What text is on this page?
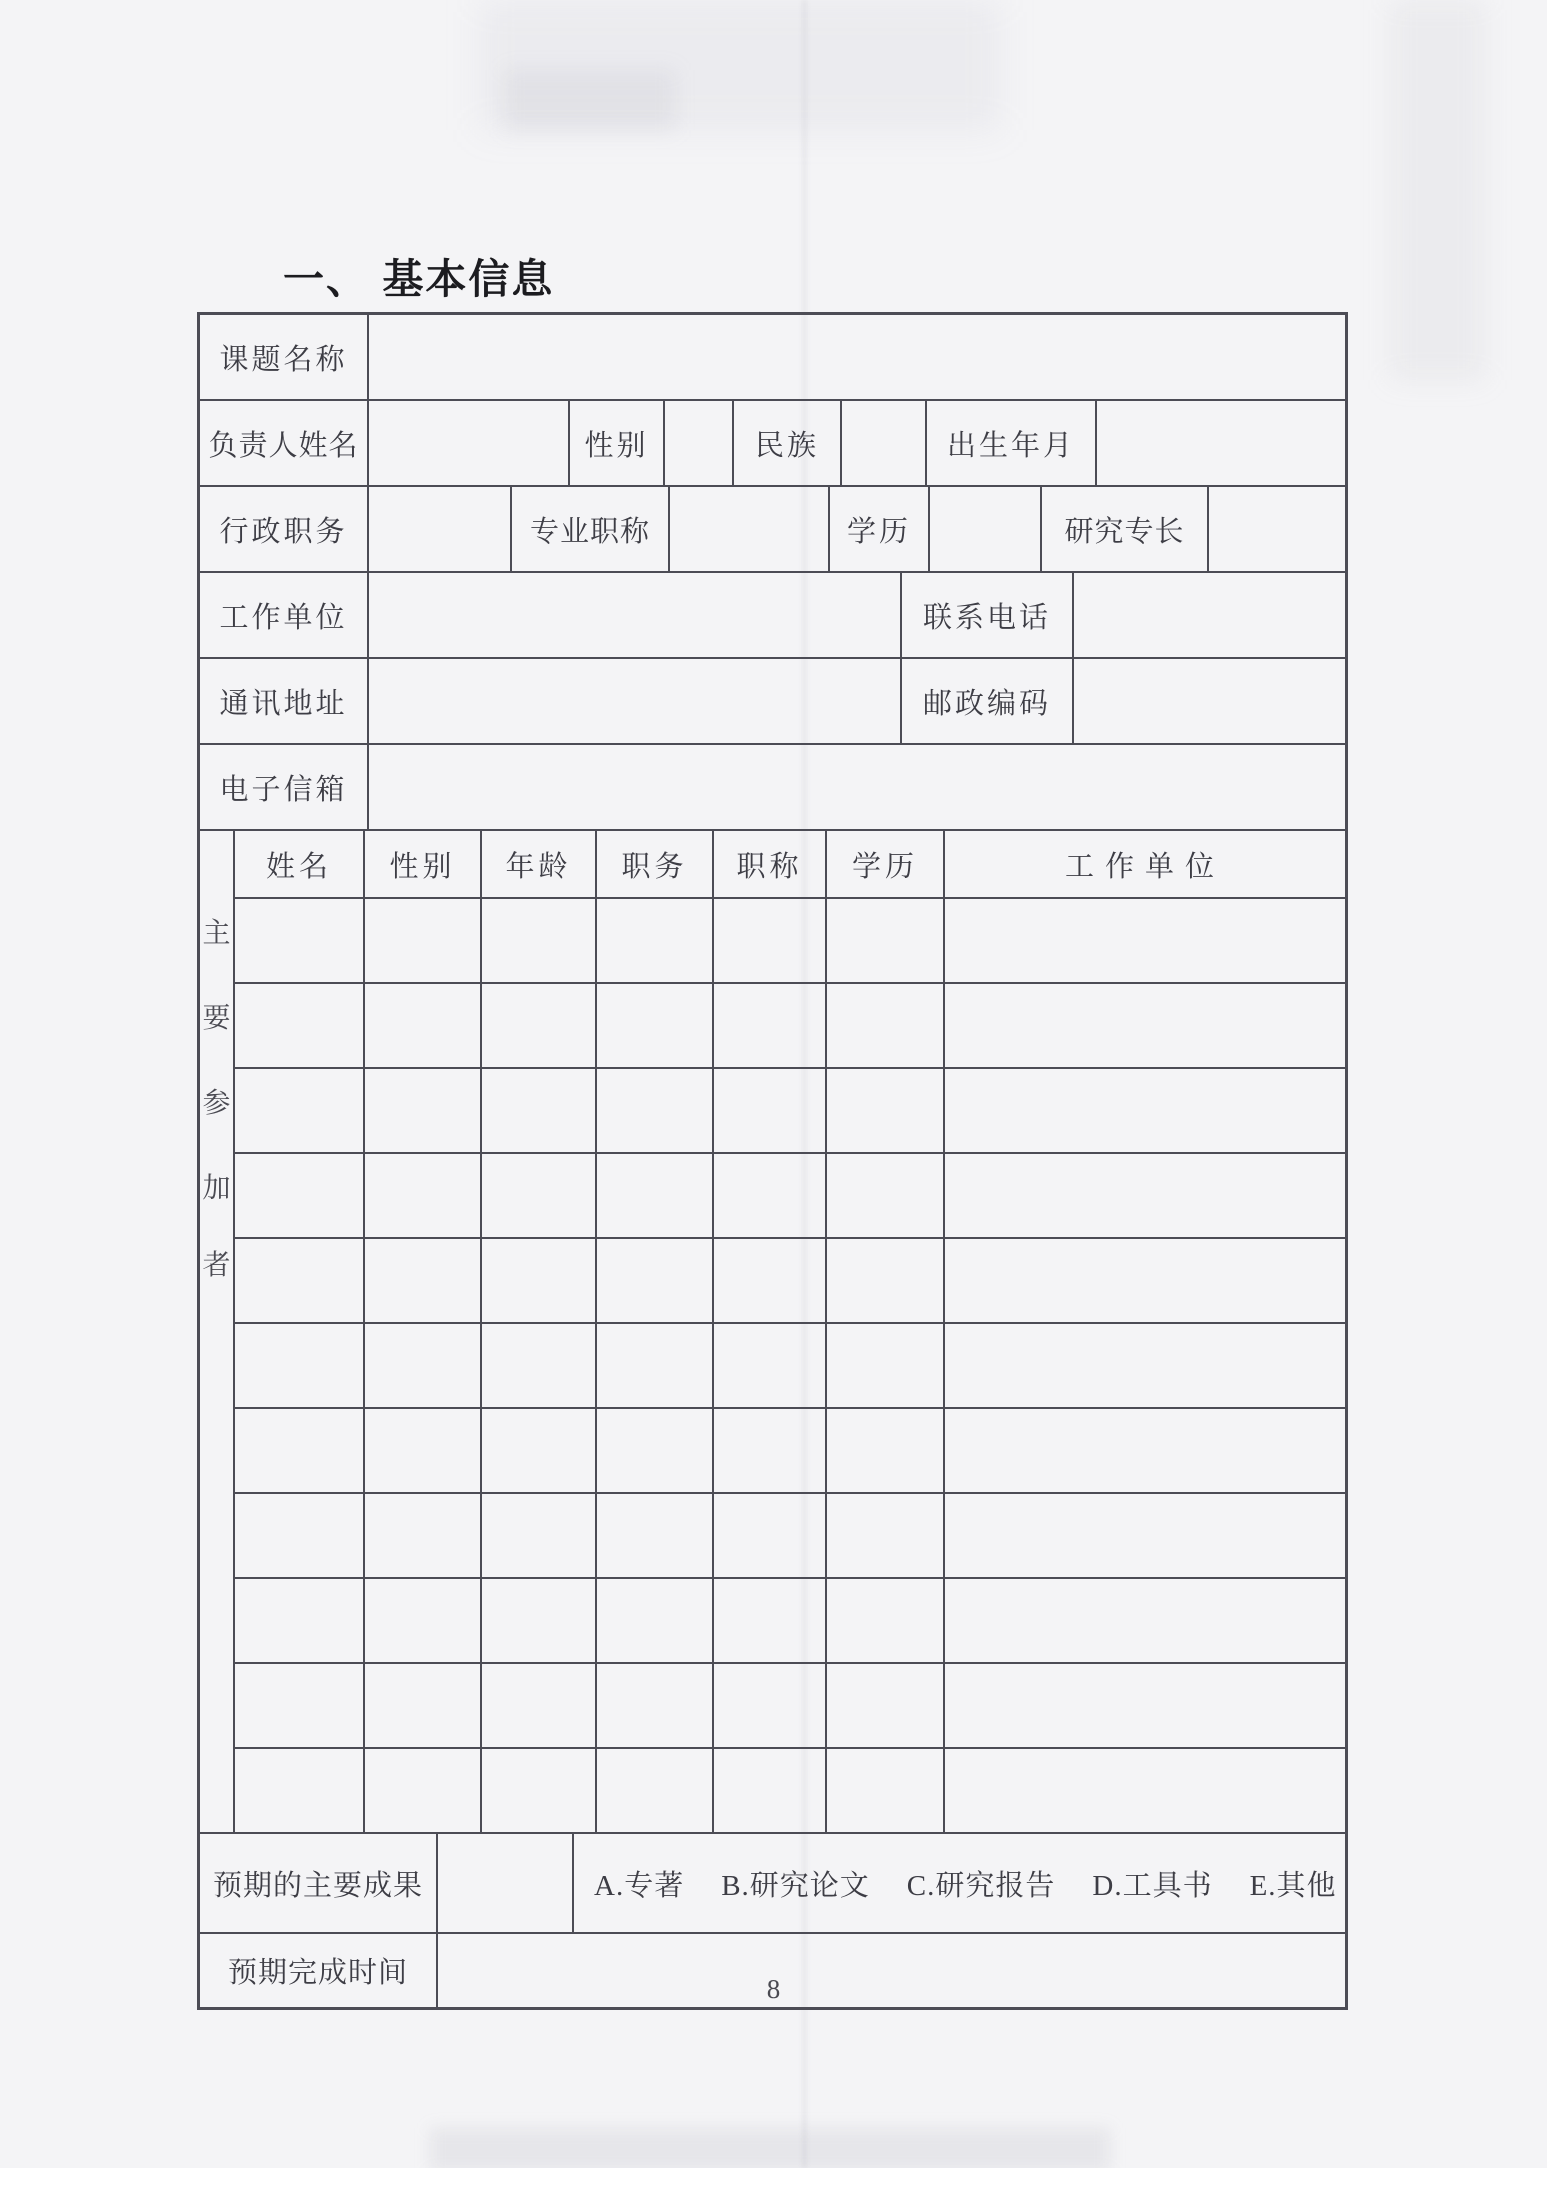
一、 基本信息
课题名称
负责人姓名	性别	民族	出生年月
行政职务	专业职称	学历	研究专长
工作单位	联系电话
通讯地址	邮政编码
电子信箱
主
要
参
加
者
姓名 性别 年龄 职务 职称 学历	工作单位
预期的主要成果	A.专著 B.研究论文 C.研究报告 D.工具书 E.其他
预期完成时间	8
